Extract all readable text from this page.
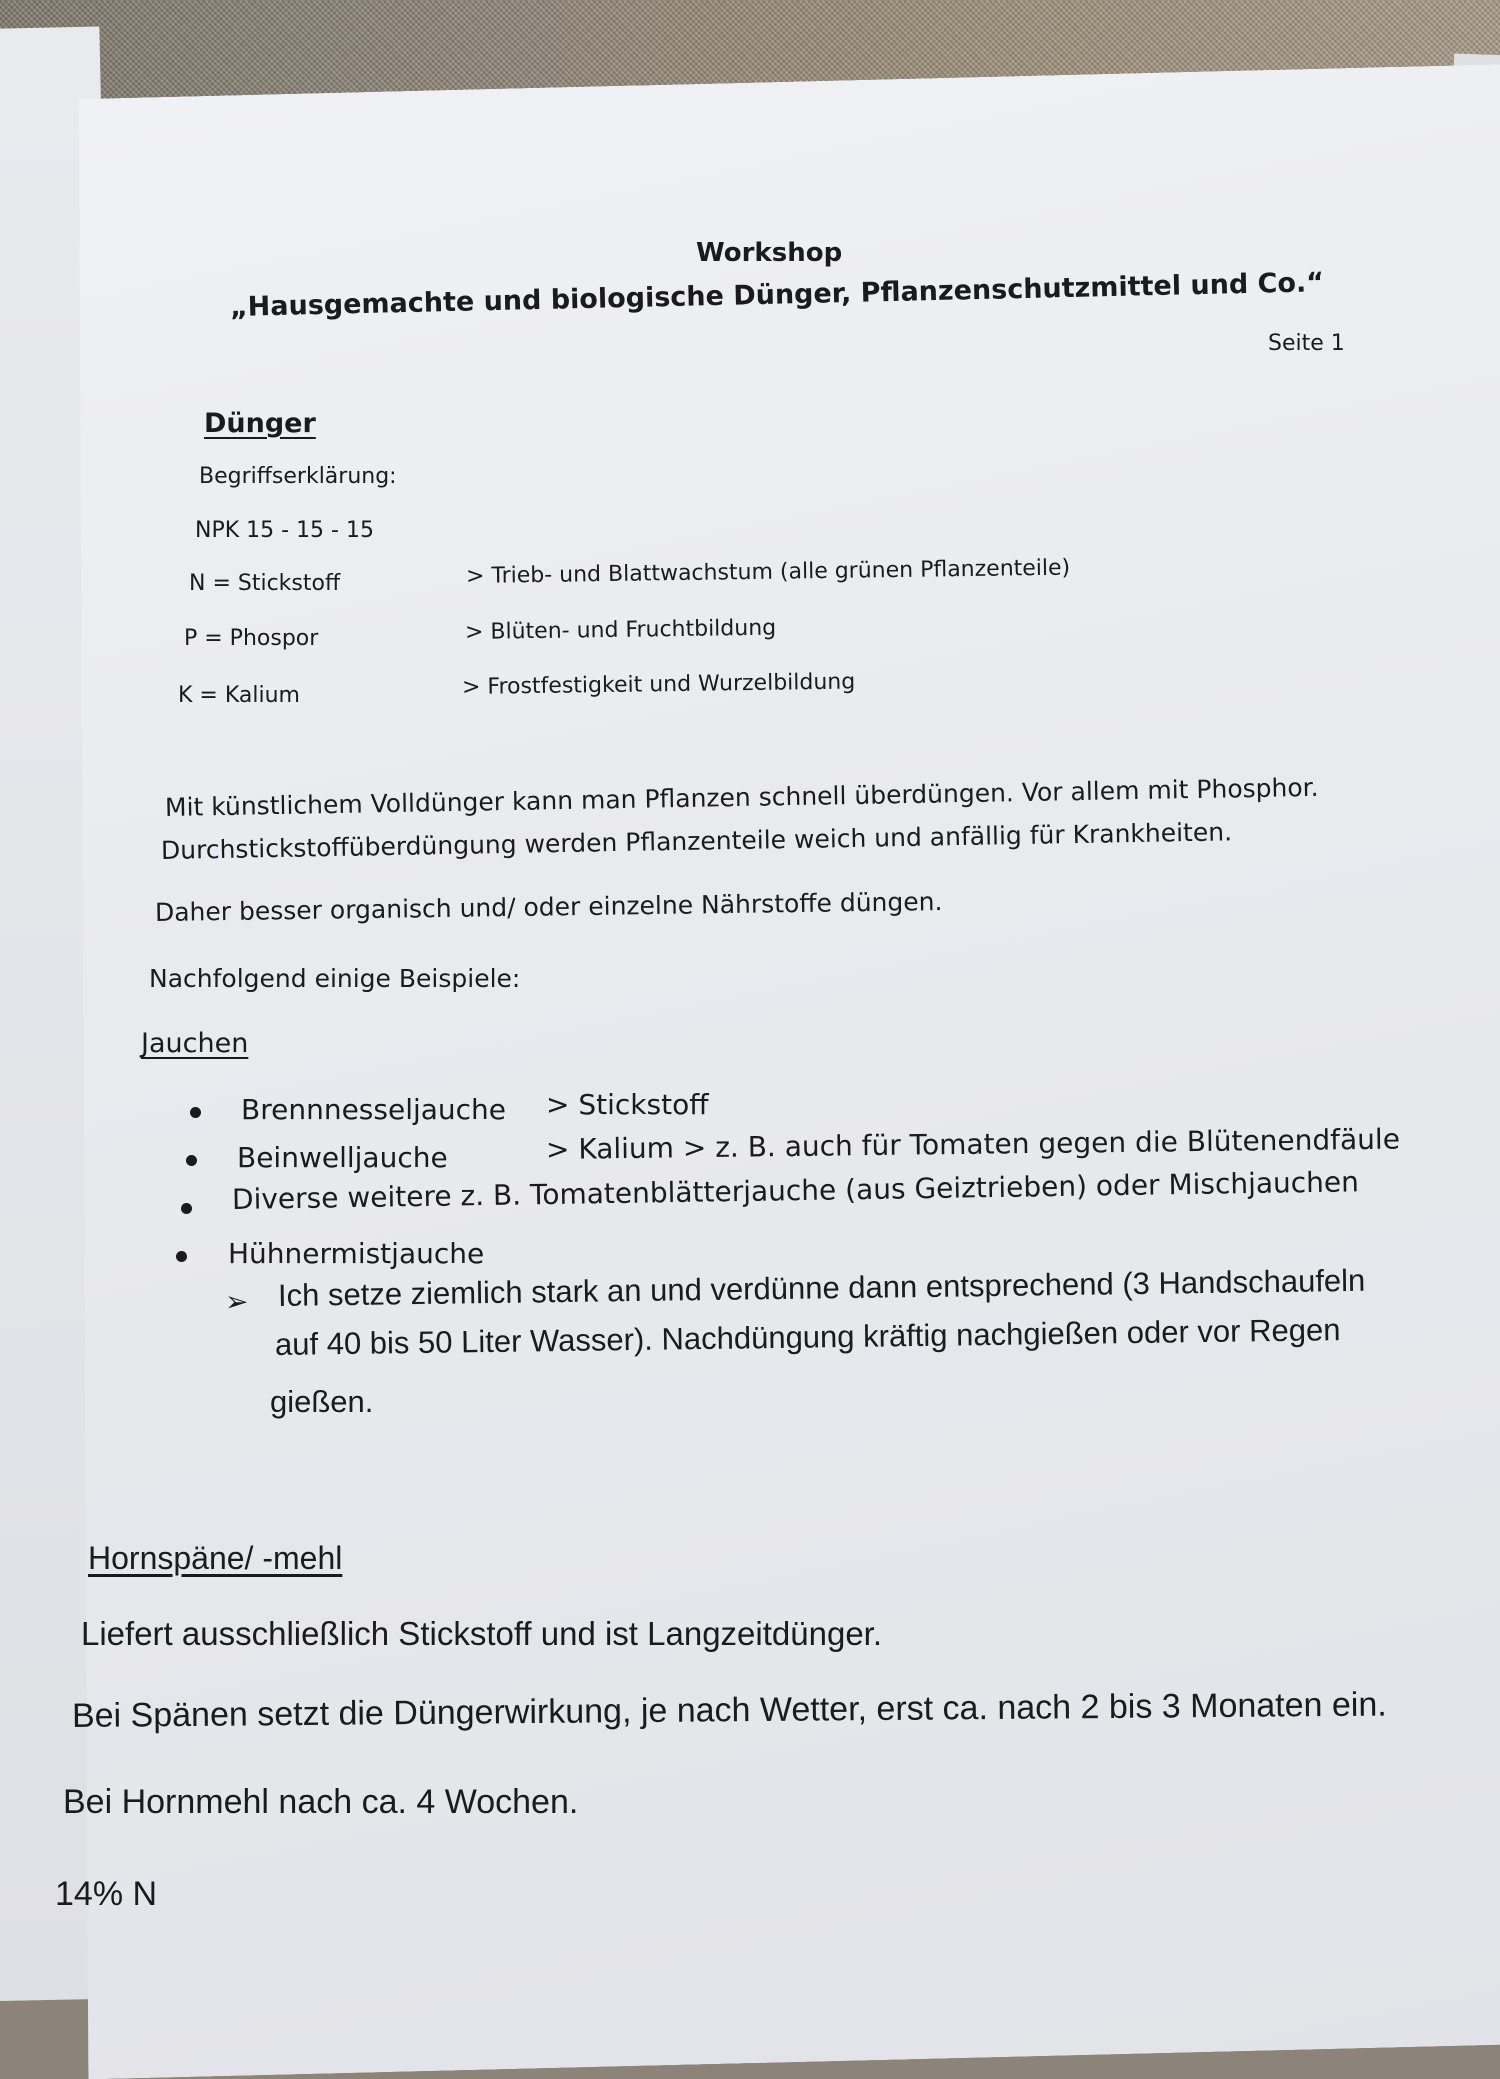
Workshop
„Hausgemachte und biologische Dünger, Pflanzenschutzmittel und Co.“
Seite 1
Dünger
Begriffserklärung:
NPK 15 - 15 - 15
N = Stickstoff	> Trieb- und Blattwachstum (alle grünen Pflanzenteile)
P = Phospor	> Blüten- und Fruchtbildung
K = Kalium	> Frostfestigkeit und Wurzelbildung
Mit künstlichem Volldünger kann man Pflanzen schnell überdüngen. Vor allem mit Phosphor.
Durchstickstoffüberdüngung werden Pflanzenteile weich und anfällig für Krankheiten.
Daher besser organisch und/ oder einzelne Nährstoffe düngen.
Nachfolgend einige Beispiele:
Jauchen
Brennnesseljauche > Stickstoff
Beinwelljauche	> Kalium > z. B. auch für Tomaten gegen die Blütenendfäule
Diverse weitere z. B. Tomatenblätterjauche (aus Geiztrieben) oder Mischjauchen
Hühnermistjauche
➢ Ich setze ziemlich stark an und verdünne dann entsprechend (3 Handschaufeln
auf 40 bis 50 Liter Wasser). Nachdüngung kräftig nachgießen oder vor Regen
gießen.
Hornspäne/ -mehl
Liefert ausschließlich Stickstoff und ist Langzeitdünger.
Bei Spänen setzt die Düngerwirkung, je nach Wetter, erst ca. nach 2 bis 3 Monaten ein.
Bei Hornmehl nach ca. 4 Wochen.
14% N
